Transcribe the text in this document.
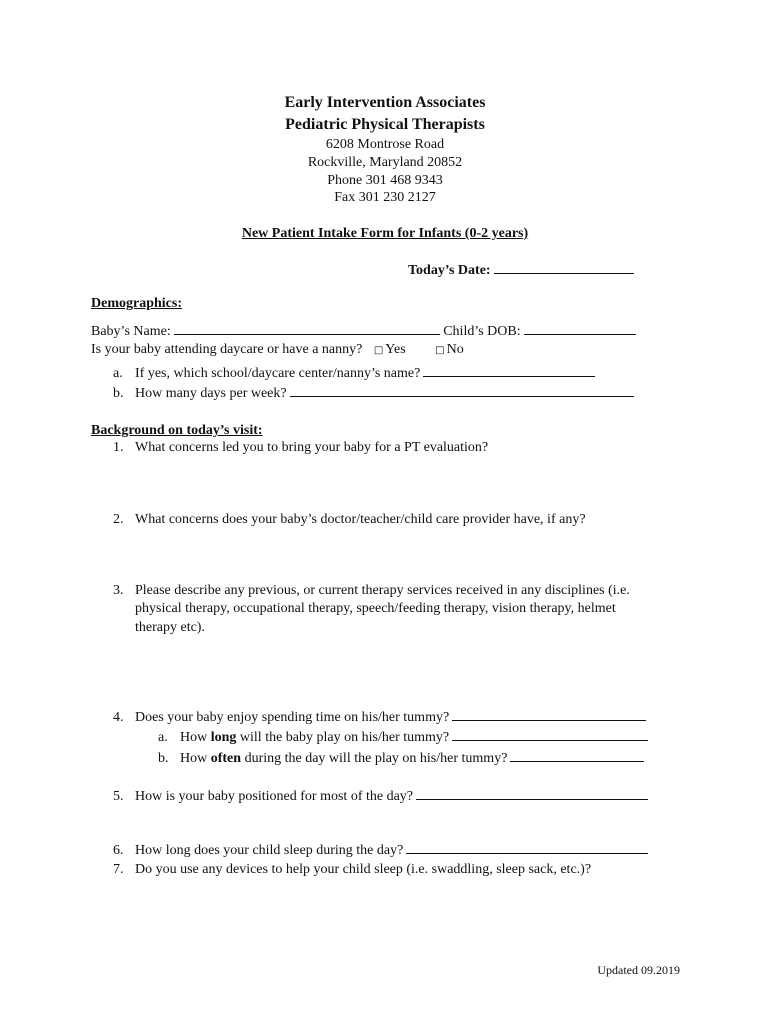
Early Intervention Associates
Pediatric Physical Therapists
6208 Montrose Road
Rockville, Maryland 20852
Phone 301 468 9343
Fax 301 230 2127
New Patient Intake Form for Infants (0-2 years)
Today’s Date:
Demographics:
Baby’s Name:	Child’s DOB:
Is your baby attending daycare or have a nanny? □ Yes	□ No
a. If yes, which school/daycare center/nanny’s name?
b. How many days per week?
Background on today’s visit:
1. What concerns led you to bring your baby for a PT evaluation?
2. What concerns does your baby’s doctor/teacher/child care provider have, if any?
3. Please describe any previous, or current therapy services received in any disciplines (i.e.
physical therapy, occupational therapy, speech/feeding therapy, vision therapy, helmet
therapy etc).
4. Does your baby enjoy spending time on his/her tummy?
a. How long will the baby play on his/her tummy?
b. How often during the day will the play on his/her tummy?
5. How is your baby positioned for most of the day?
6. How long does your child sleep during the day?
7. Do you use any devices to help your child sleep (i.e. swaddling, sleep sack, etc.)?
Updated 09.2019
